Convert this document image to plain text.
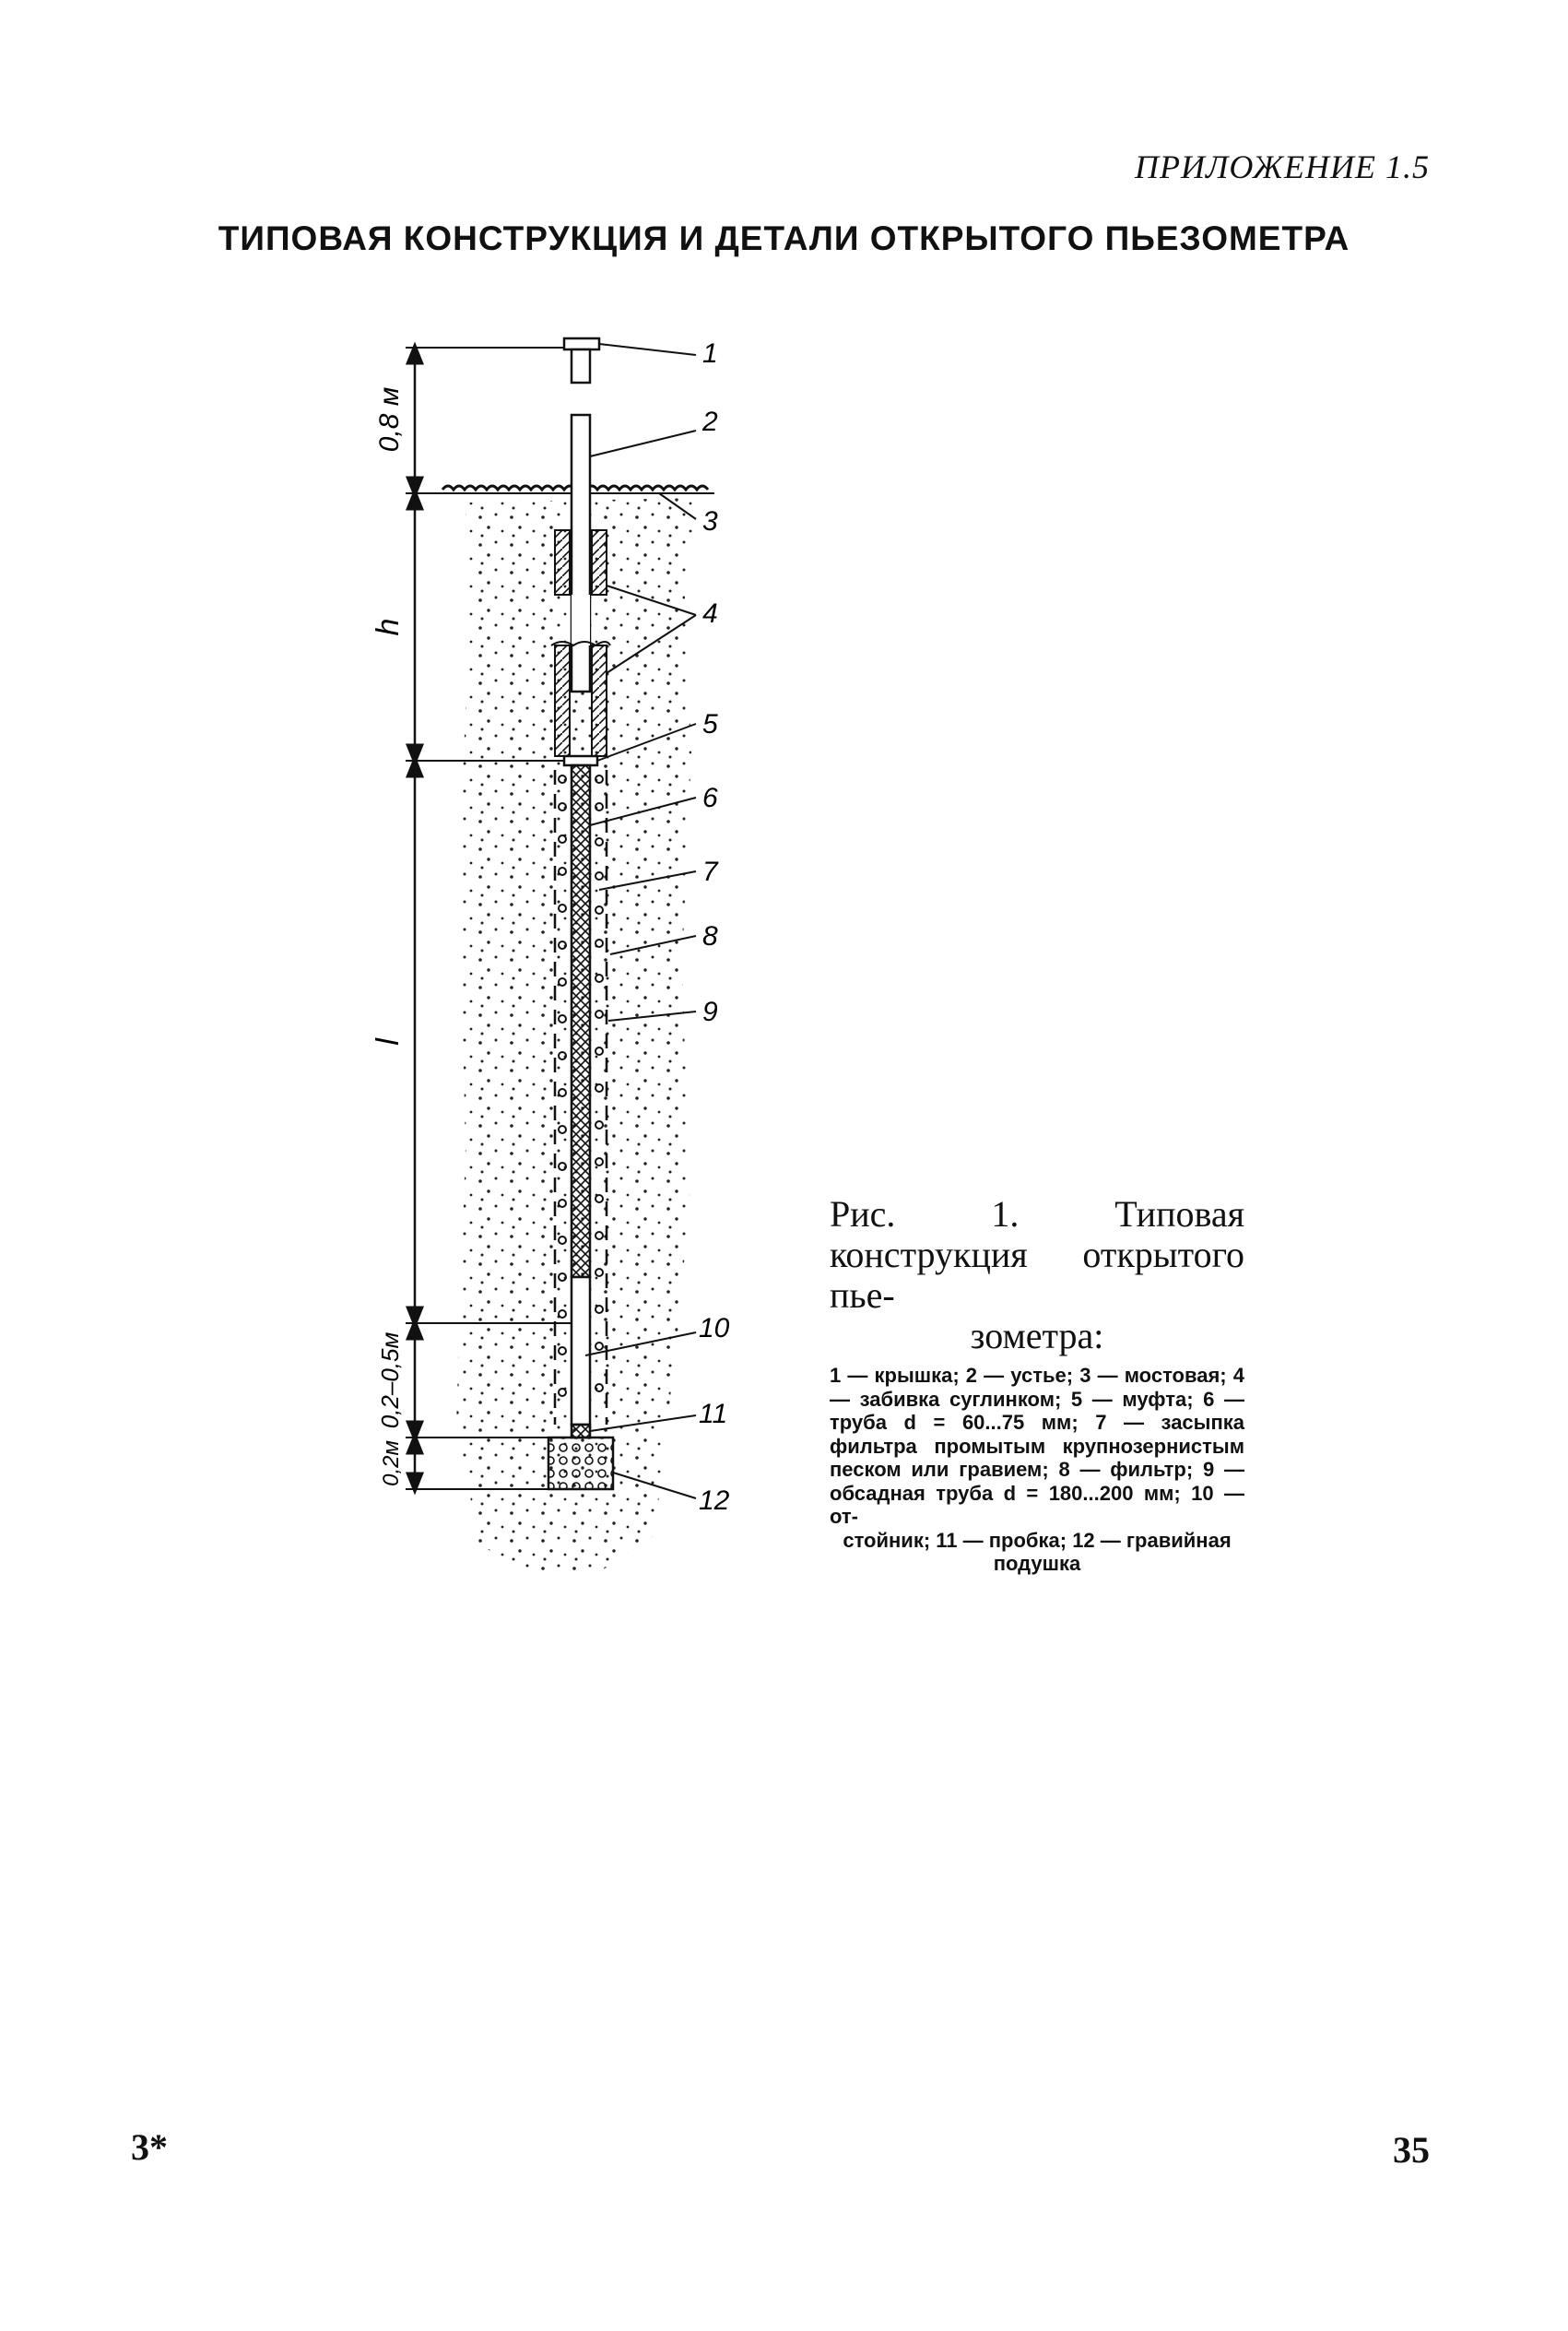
ПРИЛОЖЕНИЕ 1.5
ТИПОВАЯ КОНСТРУКЦИЯ И ДЕТАЛИ ОТКРЫТОГО ПЬЕЗОМЕТРА
0,8 м
h
l
0,2–0,5м
0,2м
1
2
3
4
5
6
7
8
9
10
11
12
Рис. 1. Типовая конструкция открытого пье-
зометра:
1 — крышка; 2 — устье; 3 — мостовая; 4 — забивка суглинком; 5 — муфта; 6 — труба d = 60...75 мм; 7 — засыпка фильтра промытым крупнозернистым песком или гравием; 8 — фильтр; 9 — обсадная труба d = 180...200 мм; 10 — от-
стойник; 11 — пробка; 12 — гравийная подушка
3*	35
